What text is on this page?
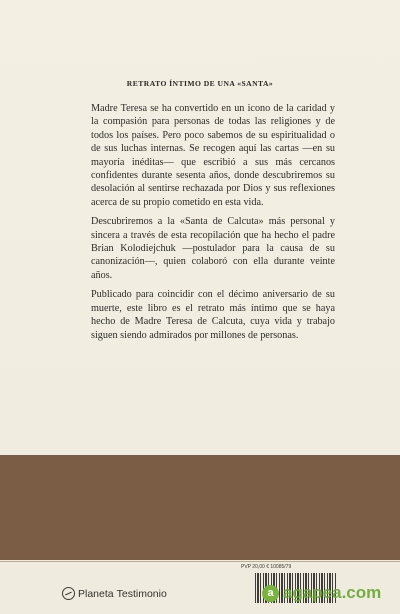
RETRATO ÍNTIMO DE UNA «SANTA»

Madre Teresa se ha convertido en un icono de la caridad y la compasión para personas de todas las religiones y de todos los países. Pero poco sabemos de su espiritualidad o de sus luchas internas. Se recogen aquí las cartas —en su mayoría inéditas— que escribió a sus más cercanos confidentes durante sesenta años, donde descubriremos su desolación al sentirse rechazada por Dios y sus reflexiones acerca de su propio cometido en esta vida.

Descubriremos a la «Santa de Calcuta» más personal y sincera a través de esta recopilación que ha hecho el padre Brian Kolodiejchuk —postulador para la causa de su canonización—, quien colaboró con ella durante veinte años.

Publicado para coincidir con el décimo aniversario de su muerte, este libro es el retrato más íntimo que se haya hecho de Madre Teresa de Calcuta, cuya vida y trabajo siguen siendo admirados por millones de personas.

Planeta Testimonio
PVP 20,00 € 10085/79
a agapea.com
